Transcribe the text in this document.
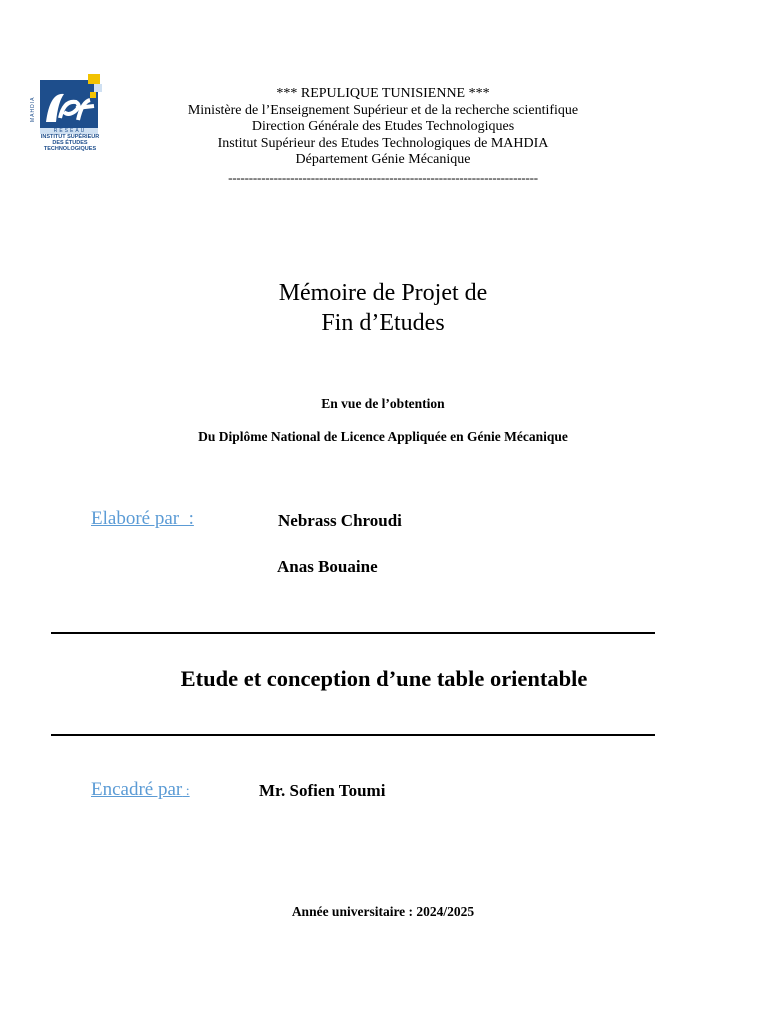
RESEAU
MAHDIA
INSTITUT SUPÉRIEUR
DES ÉTUDES
TECHNOLOGIQUES
*** REPULIQUE TUNISIENNE ***
Ministère de l’Enseignement Supérieur et de la recherche scientifique
Direction Générale des Etudes Technologiques
Institut Supérieur des Etudes Technologiques de MAHDIA
Département Génie Mécanique
---------------------------------------------------------------------------
Mémoire de Projet de
Fin d’Etudes
En vue de l’obtention
Du Diplôme National de Licence Appliquée en Génie Mécanique
Elaboré par  :	Nebrass Chroudi
Anas Bouaine
Etude et conception d’une table orientable
Encadré par :	Mr. Sofien Toumi
Année universitaire : 2024/2025
